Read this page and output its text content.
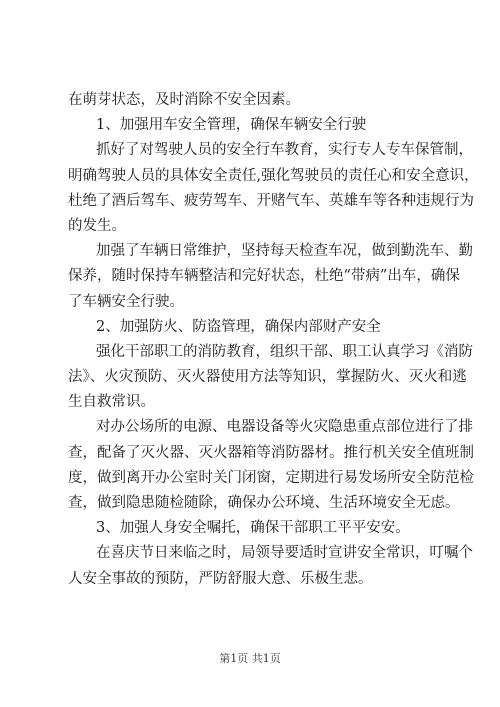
在萌芽状态，及时消除不安全因素。
1、加强用车安全管理，确保车辆安全行驶
抓好了对驾驶人员的安全行车教育，实行专人专车保管制，
明确驾驶人员的具体安全责任,强化驾驶员的责任心和安全意识，
杜绝了酒后驾车、疲劳驾车、开赌气车、英雄车等各种违规行为
的发生。
加强了车辆日常维护，坚持每天检查车况，做到勤洗车、勤
保养，随时保持车辆整洁和完好状态，杜绝“带病”出车，确保
了车辆安全行驶。
2、加强防火、防盗管理，确保内部财产安全
强化干部职工的消防教育，组织干部、职工认真学习《消防
法》、火灾预防、灭火器使用方法等知识，掌握防火、灭火和逃
生自救常识。
对办公场所的电源、电器设备等火灾隐患重点部位进行了排
查，配备了灭火器、灭火器箱等消防器材。推行机关安全值班制
度，做到离开办公室时关门闭窗，定期进行易发场所安全防范检
查，做到隐患随检随除，确保办公环境、生活环境安全无虑。
3、加强人身安全嘱托，确保干部职工平平安安。
在喜庆节日来临之时，局领导要适时宣讲安全常识，叮嘱个
人安全事故的预防，严防舒服大意、乐极生悲。
第1页 共1页
